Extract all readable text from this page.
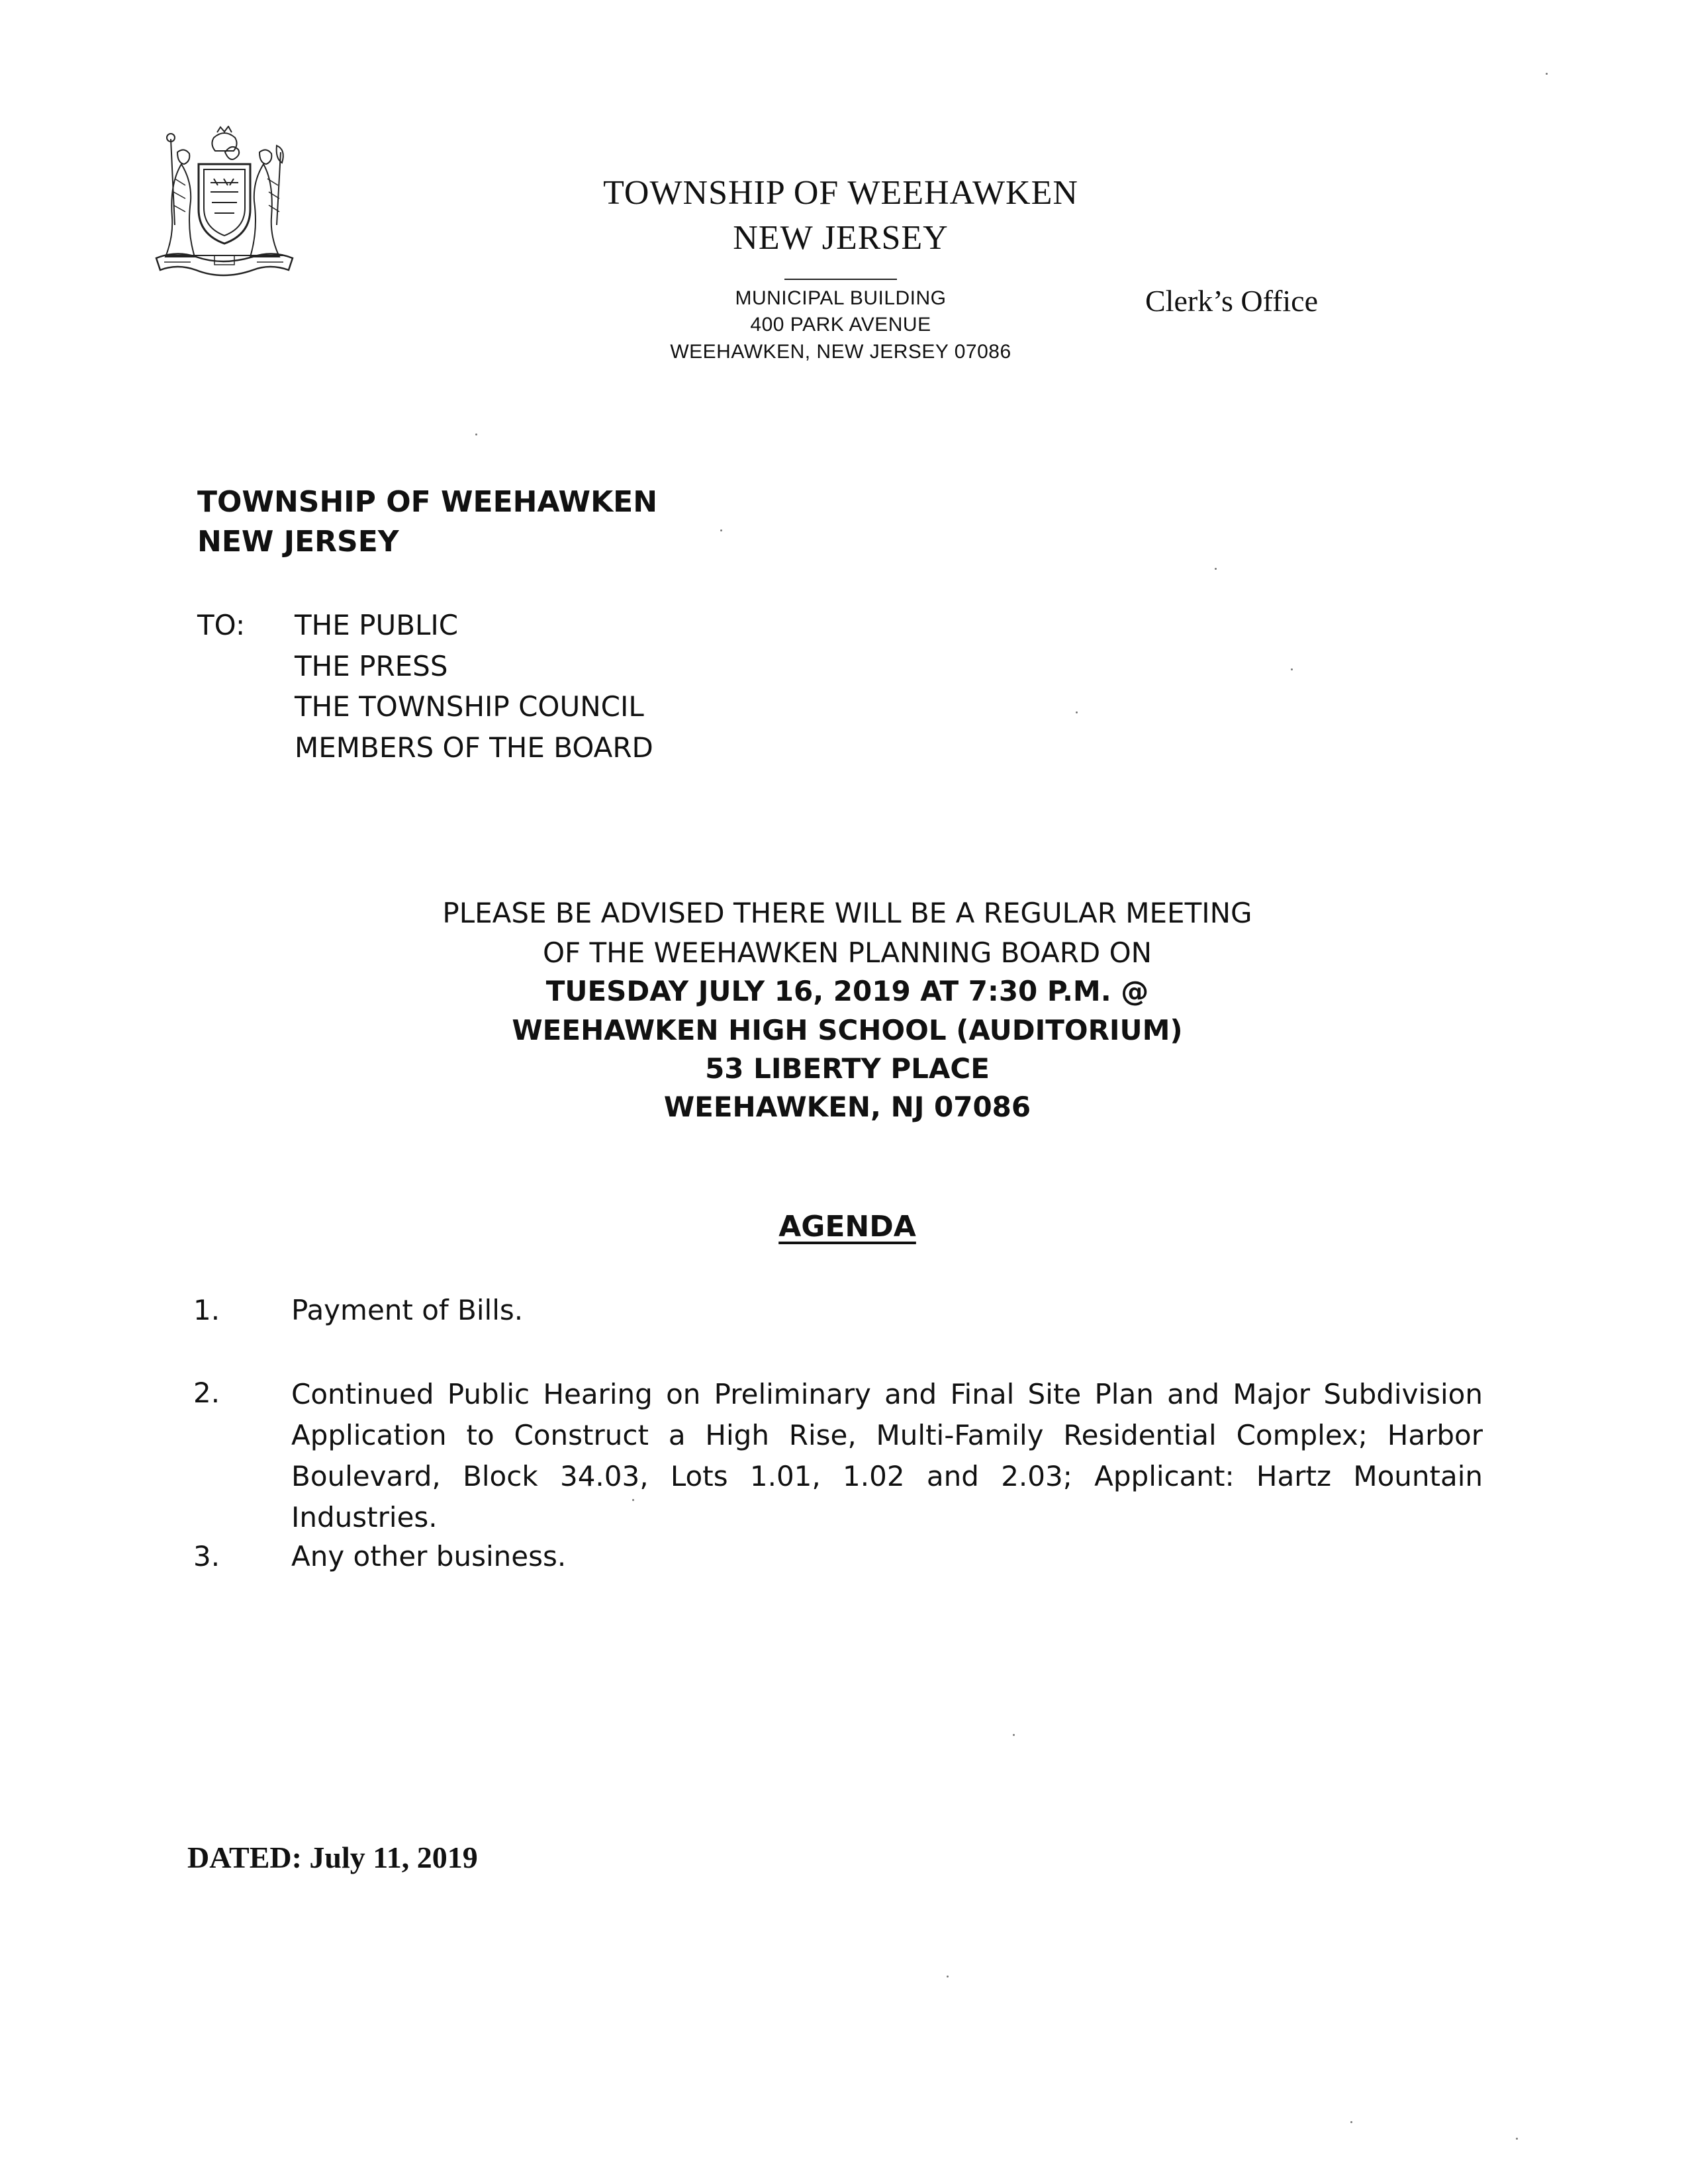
TOWNSHIP OF WEEHAWKEN
NEW JERSEY
MUNICIPAL BUILDING
400 PARK AVENUE
WEEHAWKEN, NEW JERSEY 07086
Clerk’s Office
TOWNSHIP OF WEEHAWKEN
NEW JERSEY
TO: THE PUBLIC
THE PRESS
THE TOWNSHIP COUNCIL
MEMBERS OF THE BOARD
PLEASE BE ADVISED THERE WILL BE A REGULAR MEETING
OF THE WEEHAWKEN PLANNING BOARD ON
TUESDAY JULY 16, 2019 AT 7:30 P.M. @
WEEHAWKEN HIGH SCHOOL (AUDITORIUM)
53 LIBERTY PLACE
WEEHAWKEN, NJ 07086
AGENDA
1.	Payment of Bills.
2.	Continued Public Hearing on Preliminary and Final Site Plan and Major Subdivision
Application to Construct a High Rise, Multi-Family Residential Complex; Harbor
Boulevard, Block 34.03, Lots 1.01, 1.02 and 2.03; Applicant: Hartz Mountain Industries.
3.	Any other business.
DATED: July 11, 2019
